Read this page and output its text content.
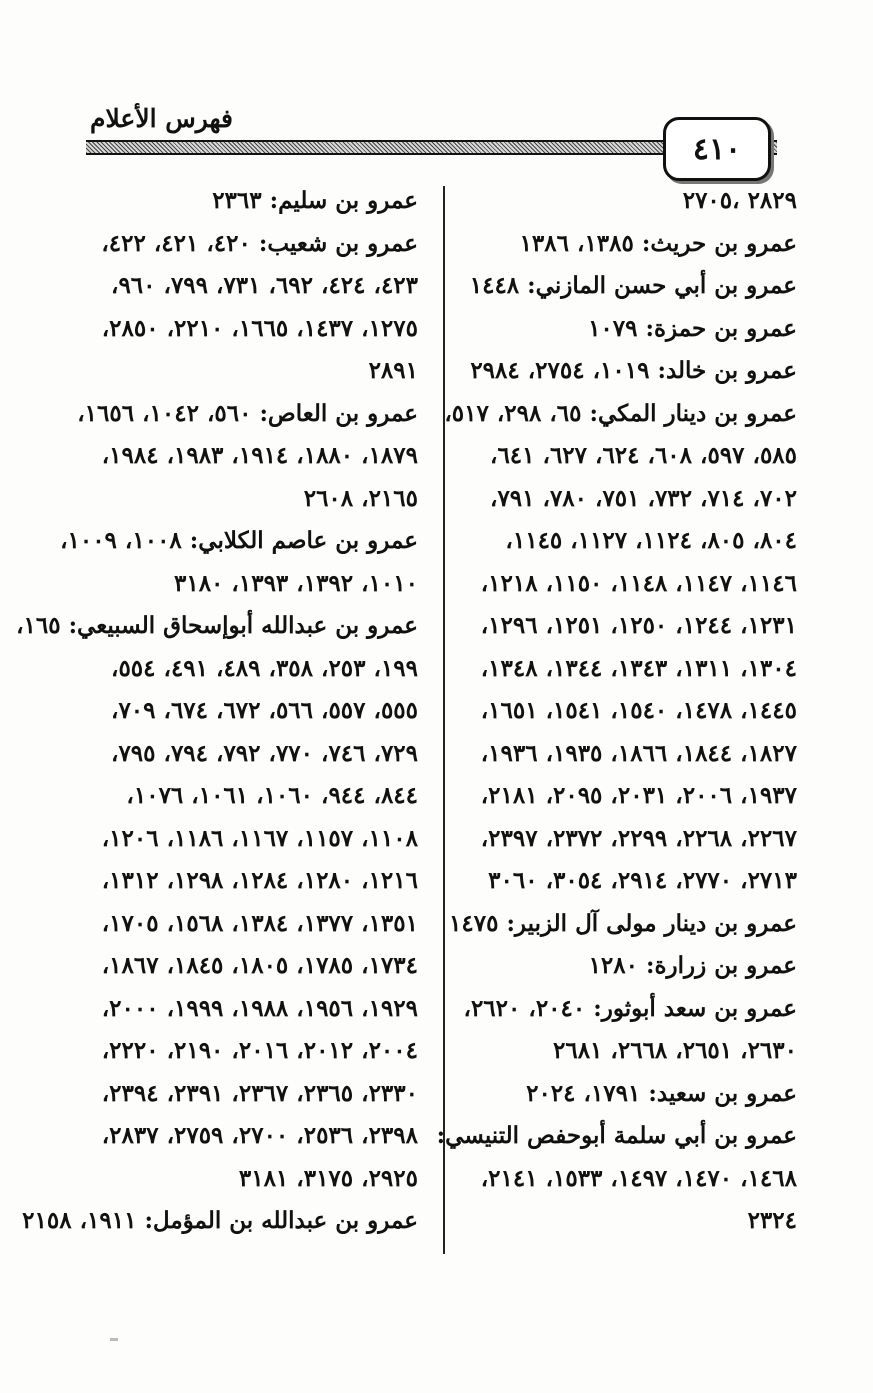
فهرس الأعلام
٤١٠
٢٨٢٩ ،٢٧٠٥
عمرو بن حريث: ١٣٨٥، ١٣٨٦
عمرو بن أبي حسن المازني: ١٤٤٨
عمرو بن حمزة: ١٠٧٩
عمرو بن خالد: ١٠١٩، ٢٧٥٤، ٢٩٨٤
عمرو بن دينار المكي: ٦٥، ٢٩٨، ٥١٧،
٥٨٥، ٥٩٧، ٦٠٨، ٦٢٤، ٦٢٧، ٦٤١،
٧٠٢، ٧١٤، ٧٣٢، ٧٥١، ٧٨٠، ٧٩١،
٨٠٤، ٨٠٥، ١١٢٤، ١١٢٧، ١١٤٥،
١١٤٦، ١١٤٧، ١١٤٨، ١١٥٠، ١٢١٨،
١٢٣١، ١٢٤٤، ١٢٥٠، ١٢٥١، ١٢٩٦،
١٣٠٤، ١٣١١، ١٣٤٣، ١٣٤٤، ١٣٤٨،
١٤٤٥، ١٤٧٨، ١٥٤٠، ١٥٤١، ١٦٥١،
١٨٢٧، ١٨٤٤، ١٨٦٦، ١٩٣٥، ١٩٣٦،
١٩٣٧، ٢٠٠٦، ٢٠٣١، ٢٠٩٥، ٢١٨١،
٢٢٦٧، ٢٢٦٨، ٢٢٩٩، ٢٣٧٢، ٢٣٩٧،
٢٧١٣، ٢٧٧٠، ٢٩١٤، ٣٠٥٤، ٣٠٦٠
عمرو بن دينار مولى آل الزبير: ١٤٧٥
عمرو بن زرارة: ١٢٨٠
عمرو بن سعد أبوثور: ٢٠٤٠، ٢٦٢٠،
٢٦٣٠، ٢٦٥١، ٢٦٦٨، ٢٦٨١
عمرو بن سعيد: ١٧٩١، ٢٠٢٤
عمرو بن أبي سلمة أبوحفص التنيسي:
١٤٦٨، ١٤٧٠، ١٤٩٧، ١٥٣٣، ٢١٤١،
٢٣٢٤
عمرو بن سليم: ٢٣٦٣
عمرو بن شعيب: ٤٢٠، ٤٢١، ٤٢٢،
٤٢٣، ٤٢٤، ٦٩٢، ٧٣١، ٧٩٩، ٩٦٠،
١٢٧٥، ١٤٣٧، ١٦٦٥، ٢٢١٠، ٢٨٥٠،
٢٨٩١
عمرو بن العاص: ٥٦٠، ١٠٤٢، ١٦٥٦،
١٨٧٩، ١٨٨٠، ١٩١٤، ١٩٨٣، ١٩٨٤،
٢١٦٥، ٢٦٠٨
عمرو بن عاصم الكلابي: ١٠٠٨، ١٠٠٩،
١٠١٠، ١٣٩٢، ١٣٩٣، ٣١٨٠
عمرو بن عبدالله أبوإسحاق السبيعي: ١٦٥،
١٩٩، ٢٥٣، ٣٥٨، ٤٨٩، ٤٩١، ٥٥٤،
٥٥٥، ٥٥٧، ٥٦٦، ٦٧٢، ٦٧٤، ٧٠٩،
٧٢٩، ٧٤٦، ٧٧٠، ٧٩٢، ٧٩٤، ٧٩٥،
٨٤٤، ٩٤٤، ١٠٦٠، ١٠٦١، ١٠٧٦،
١١٠٨، ١١٥٧، ١١٦٧، ١١٨٦، ١٢٠٦،
١٢١٦، ١٢٨٠، ١٢٨٤، ١٢٩٨، ١٣١٢،
١٣٥١، ١٣٧٧، ١٣٨٤، ١٥٦٨، ١٧٠٥،
١٧٣٤، ١٧٨٥، ١٨٠٥، ١٨٤٥، ١٨٦٧،
١٩٢٩، ١٩٥٦، ١٩٨٨، ١٩٩٩، ٢٠٠٠،
٢٠٠٤، ٢٠١٢، ٢٠١٦، ٢١٩٠، ٢٢٢٠،
٢٣٣٠، ٢٣٦٥، ٢٣٦٧، ٢٣٩١، ٢٣٩٤،
٢٣٩٨، ٢٥٣٦، ٢٧٠٠، ٢٧٥٩، ٢٨٣٧،
٢٩٢٥، ٣١٧٥، ٣١٨١
عمرو بن عبدالله بن المؤمل: ١٩١١، ٢١٥٨
